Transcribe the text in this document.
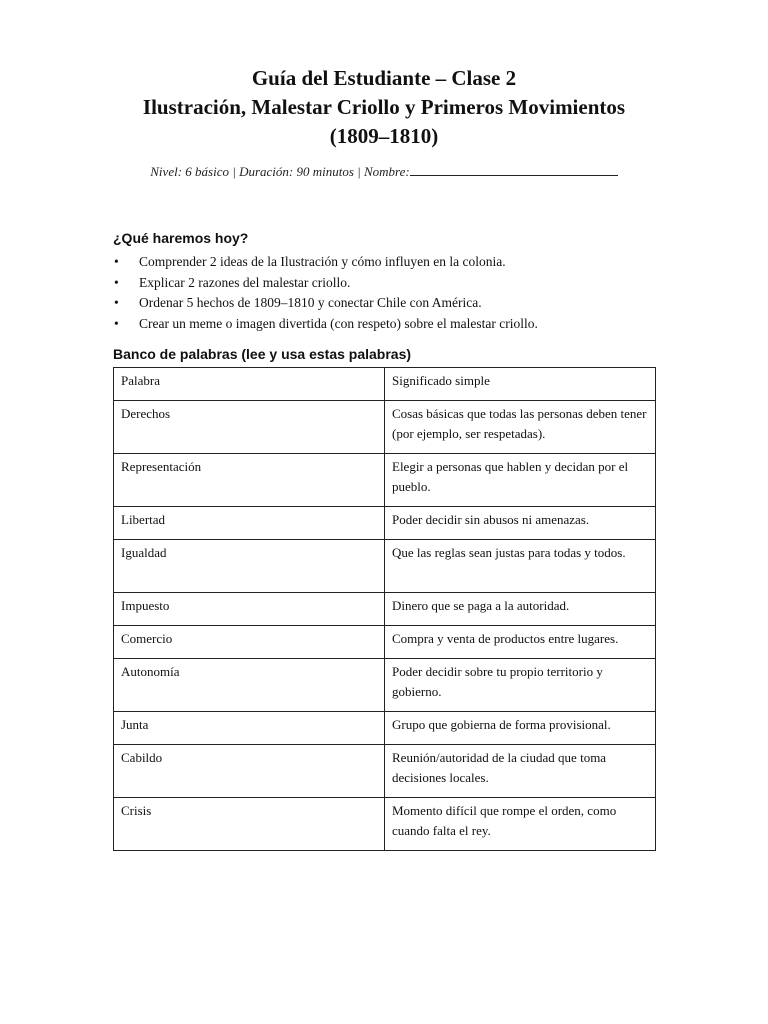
Guía del Estudiante – Clase 2
Ilustración, Malestar Criollo y Primeros Movimientos
(1809–1810)
Nivel: 6 básico | Duración: 90 minutos | Nombre:
¿Qué haremos hoy?
• Comprender 2 ideas de la Ilustración y cómo influyen en la colonia.
• Explicar 2 razones del malestar criollo.
• Ordenar 5 hechos de 1809–1810 y conectar Chile con América.
• Crear un meme o imagen divertida (con respeto) sobre el malestar criollo.
Banco de palabras (lee y usa estas palabras)
Palabra	Significado simple
Derechos	Cosas básicas que todas las personas deben tener (por ejemplo, ser respetadas).
Representación	Elegir a personas que hablen y decidan por el pueblo.
Libertad	Poder decidir sin abusos ni amenazas.
Igualdad	Que las reglas sean justas para todas y todos.
Impuesto	Dinero que se paga a la autoridad.
Comercio	Compra y venta de productos entre lugares.
Autonomía	Poder decidir sobre tu propio territorio y gobierno.
Junta	Grupo que gobierna de forma provisional.
Cabildo	Reunión/autoridad de la ciudad que toma decisiones locales.
Crisis	Momento difícil que rompe el orden, como cuando falta el rey.
